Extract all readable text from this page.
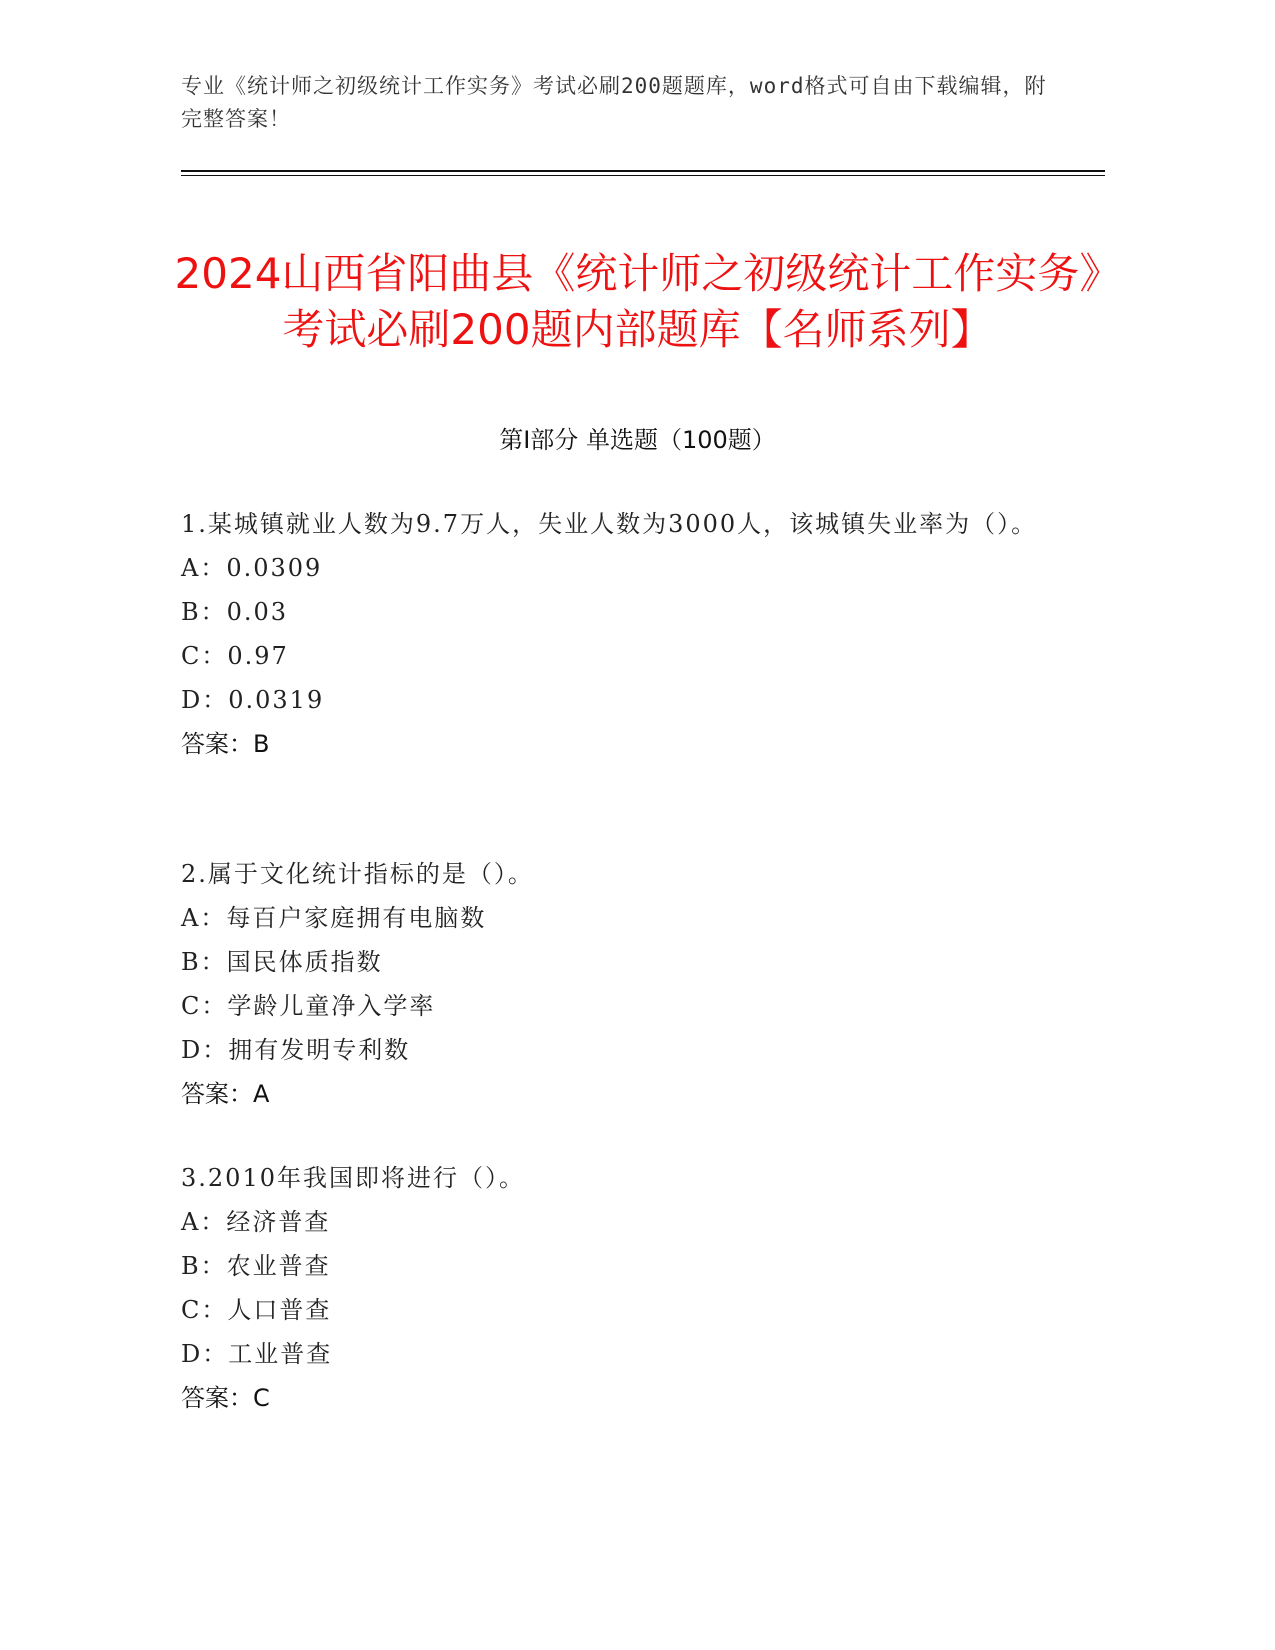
专业《统计师之初级统计工作实务》考试必刷200题题库，word格式可自由下载编辑，附完整答案！
2024山西省阳曲县《统计师之初级统计工作实务》考试必刷200题内部题库【名师系列】
第Ⅰ部分 单选题（100题）
1.某城镇就业人数为9.7万人，失业人数为3000人，该城镇失业率为（）。
A：0.0309
B：0.03
C：0.97
D：0.0319
答案：B
2.属于文化统计指标的是（）。
A：每百户家庭拥有电脑数
B：国民体质指数
C：学龄儿童净入学率
D：拥有发明专利数
答案：A
3.2010年我国即将进行（）。
A：经济普查
B：农业普查
C：人口普查
D：工业普查
答案：C
